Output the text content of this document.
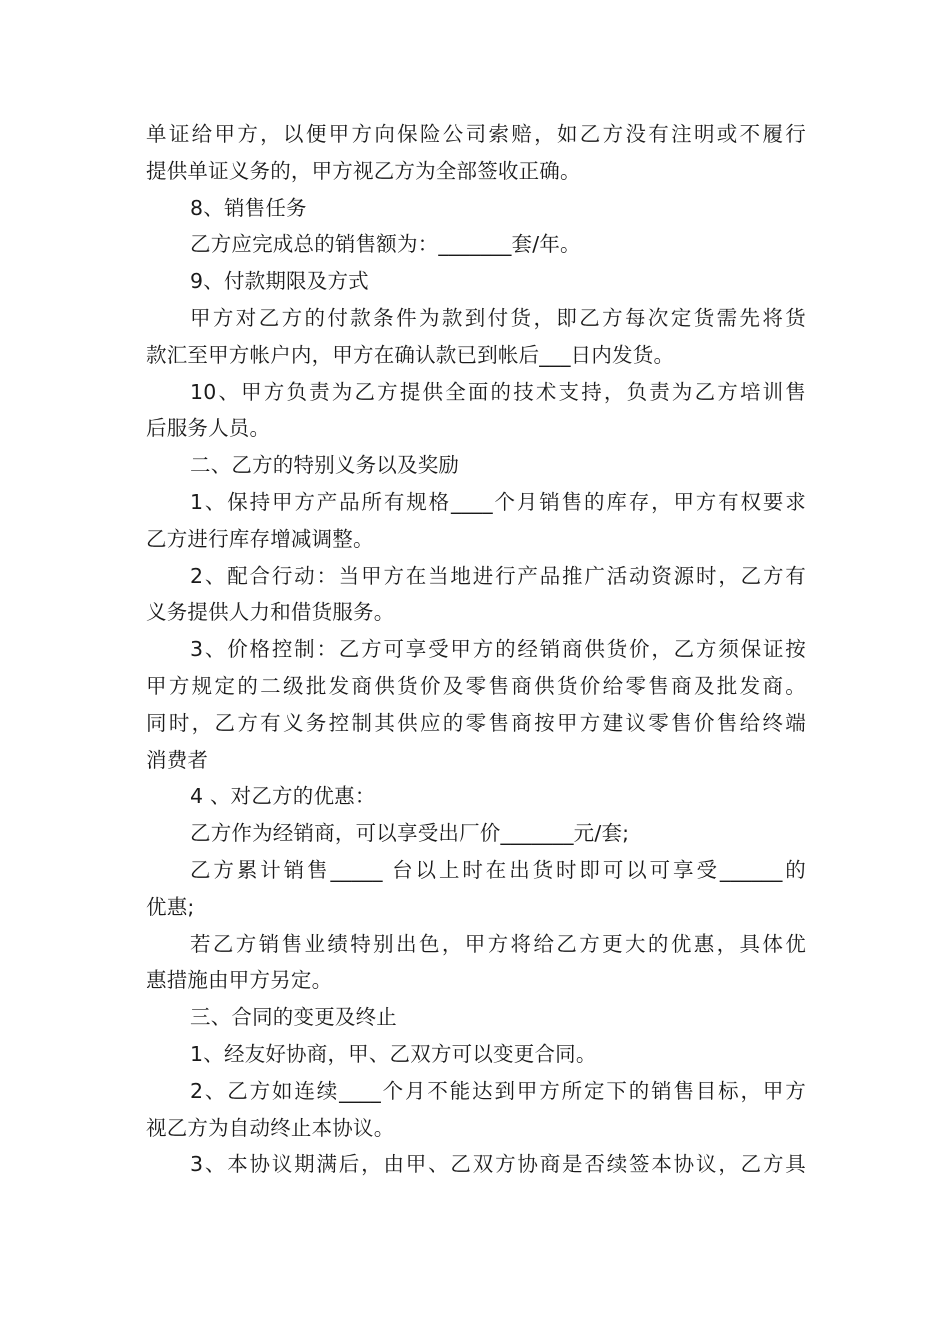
单证给甲方，以便甲方向保险公司索赔，如乙方没有注明或不履行
提供单证义务的，甲方视乙方为全部签收正确。
8、销售任务
乙方应完成总的销售额为：_______套/年。
9、付款期限及方式
甲方对乙方的付款条件为款到付货，即乙方每次定货需先将货
款汇至甲方帐户内，甲方在确认款已到帐后___日内发货。
10、甲方负责为乙方提供全面的技术支持，负责为乙方培训售
后服务人员。
二、乙方的特别义务以及奖励
1、保持甲方产品所有规格____个月销售的库存，甲方有权要求
乙方进行库存增减调整。
2、配合行动：当甲方在当地进行产品推广活动资源时，乙方有
义务提供人力和借货服务。
3、价格控制：乙方可享受甲方的经销商供货价，乙方须保证按
甲方规定的二级批发商供货价及零售商供货价给零售商及批发商。
同时，乙方有义务控制其供应的零售商按甲方建议零售价售给终端
消费者
4 、对乙方的优惠：
乙方作为经销商，可以享受出厂价_______元/套;
乙方累计销售_____ 台以上时在出货时即可以可享受______的
优惠;
若乙方销售业绩特别出色，甲方将给乙方更大的优惠，具体优
惠措施由甲方另定。
三、合同的变更及终止
1、经友好协商，甲、乙双方可以变更合同。
2、乙方如连续____个月不能达到甲方所定下的销售目标，甲方
视乙方为自动终止本协议。
3、本协议期满后，由甲、乙双方协商是否续签本协议，乙方具
